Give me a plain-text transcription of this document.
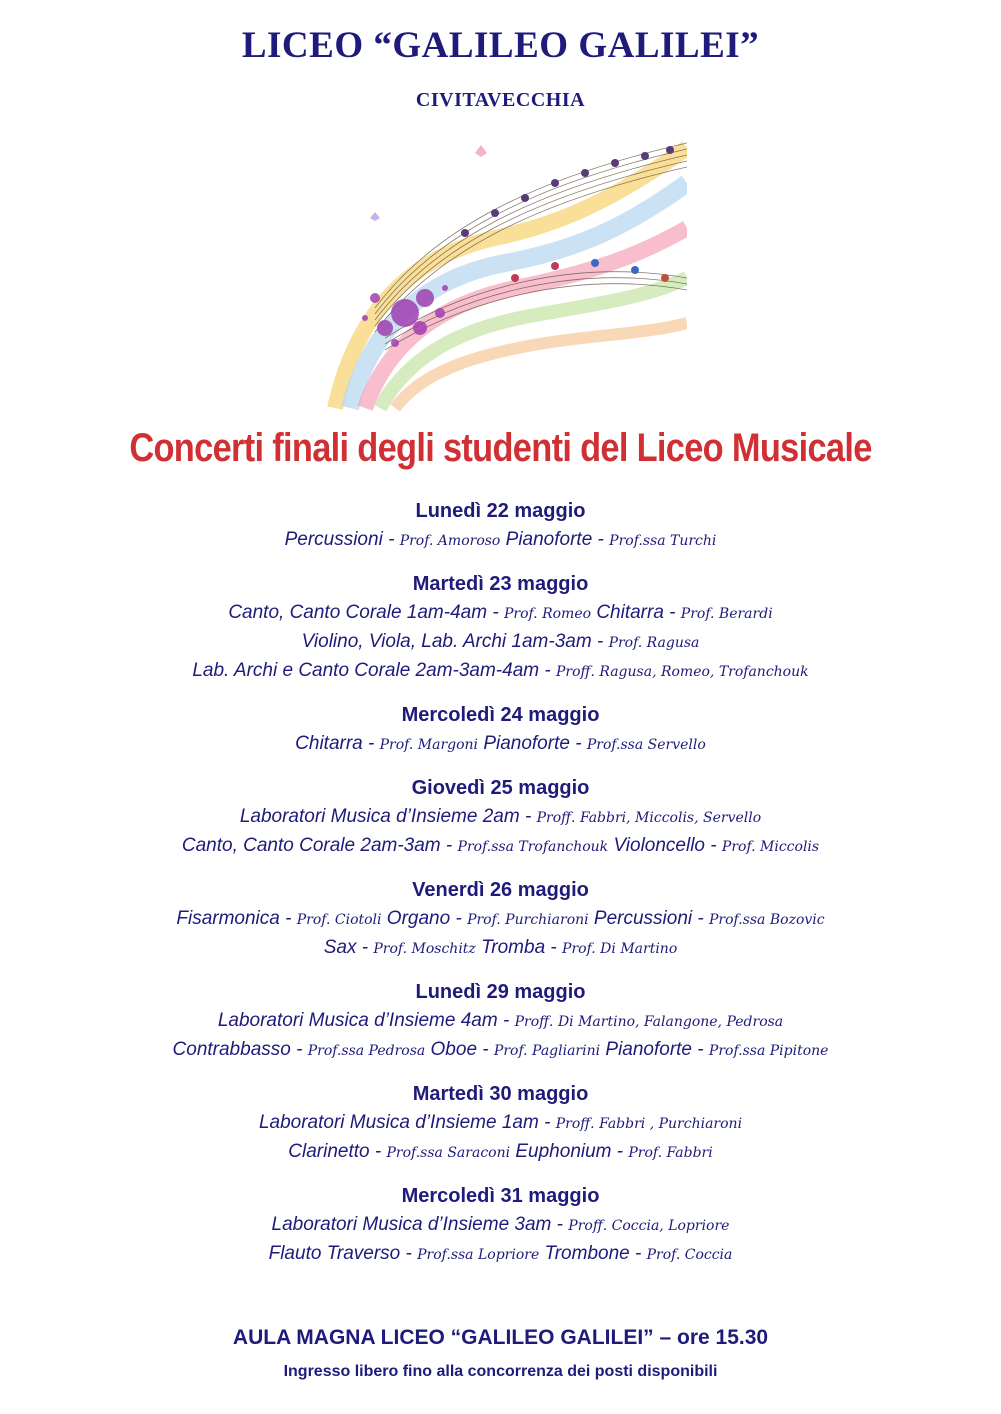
LICEO “GALILEO GALILEI”
CIVITAVECCHIA
Concerti finali degli studenti del Liceo Musicale
Lunedì 22 maggio
Percussioni - Prof. Amoroso Pianoforte - Prof.ssa Turchi
Martedì 23 maggio
Canto, Canto Corale 1am-4am - Prof. Romeo Chitarra - Prof. Berardi
Violino, Viola, Lab. Archi 1am-3am - Prof. Ragusa
Lab. Archi e Canto Corale 2am-3am-4am - Proff. Ragusa, Romeo, Trofanchouk
Mercoledì 24 maggio
Chitarra - Prof. Margoni Pianoforte - Prof.ssa Servello
Giovedì 25 maggio
Laboratori Musica d’Insieme 2am - Proff. Fabbri, Miccolis, Servello
Canto, Canto Corale 2am-3am - Prof.ssa Trofanchouk Violoncello - Prof. Miccolis
Venerdì 26 maggio
Fisarmonica - Prof. Ciotoli Organo - Prof. Purchiaroni Percussioni - Prof.ssa Bozovic
Sax - Prof. Moschitz Tromba - Prof. Di Martino
Lunedì 29 maggio
Laboratori Musica d’Insieme 4am - Proff. Di Martino, Falangone, Pedrosa
Contrabbasso - Prof.ssa Pedrosa Oboe - Prof. Pagliarini Pianoforte - Prof.ssa Pipitone
Martedì 30 maggio
Laboratori Musica d’Insieme 1am - Proff. Fabbri , Purchiaroni
Clarinetto - Prof.ssa Saraconi Euphonium - Prof. Fabbri
Mercoledì 31 maggio
Laboratori Musica d’Insieme 3am - Proff. Coccia, Lopriore
Flauto Traverso - Prof.ssa Lopriore Trombone - Prof. Coccia
AULA MAGNA LICEO “GALILEO GALILEI” – ore 15.30
Ingresso libero fino alla concorrenza dei posti disponibili
